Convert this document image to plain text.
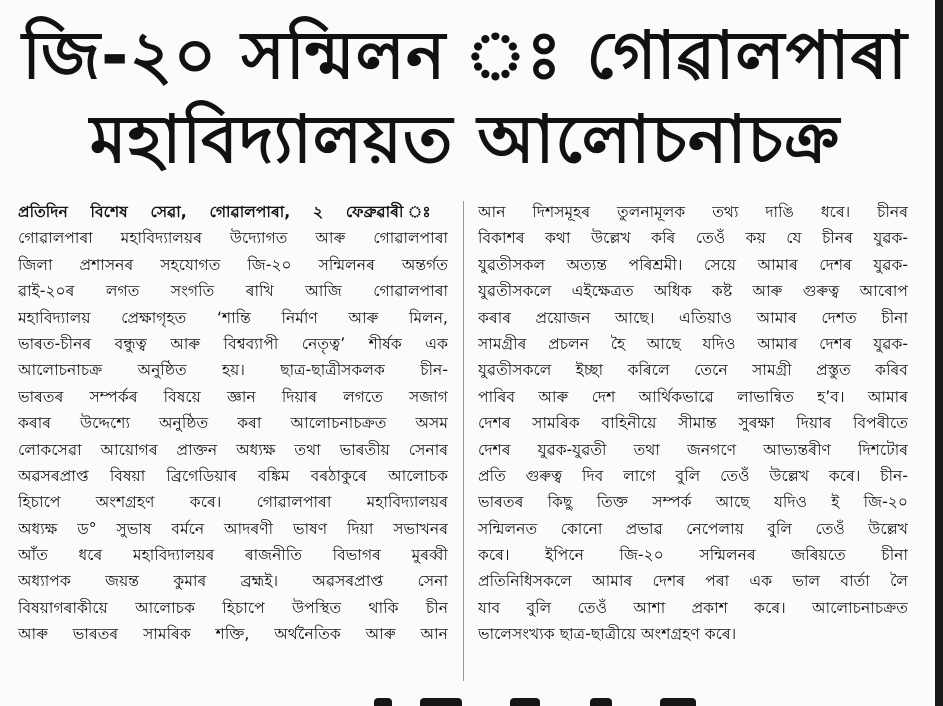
জি-২০ সন্মিলন ঃ গোৱালপাৰা
মহাবিদ্যালয়ত আলোচনাচক্ৰ
প্ৰতিদিন বিশেষ সেৱা, গোৱালপাৰা, ২ ফেব্ৰুৱাৰী ঃ
গোৱালপাৰা মহাবিদ্যালয়ৰ উদ্যোগত আৰু গোৱালপাৰা
জিলা প্ৰশাসনৰ সহযোগত জি-২০ সন্মিলনৰ অন্তৰ্গত
ৱাই-২০ৰ লগত সংগতি ৰাখি আজি গোৱালপাৰা
মহাবিদ্যালয় প্ৰেক্ষাগৃহত ‘শান্তি নিৰ্মাণ আৰু মিলন,
ভাৰত-চীনৰ বন্ধুত্ব আৰু বিশ্বব্যাপী নেতৃত্ব’ শীৰ্ষক এক
আলোচনাচক্ৰ অনুষ্ঠিত হয়। ছাত্ৰ-ছাত্ৰীসকলক চীন-
ভাৰতৰ সম্পৰ্কৰ বিষয়ে জ্ঞান দিয়াৰ লগতে সজাগ
কৰাৰ উদ্দেশ্যে অনুষ্ঠিত কৰা আলোচনাচক্ৰত অসম
লোকসেৱা আয়োগৰ প্ৰাক্তন অধ্যক্ষ তথা ভাৰতীয় সেনাৰ
অৱসৰপ্ৰাপ্ত বিষয়া ব্ৰিগেডিয়াৰ বঙ্কিম বৰঠাকুৰে আলোচক
হিচাপে অংশগ্ৰহণ কৰে। গোৱালপাৰা মহাবিদ্যালয়ৰ
অধ্যক্ষ ড° সুভাষ বৰ্মনে আদৰণী ভাষণ দিয়া সভাখনৰ
আঁত ধৰে মহাবিদ্যালয়ৰ ৰাজনীতি বিভাগৰ মুৰব্বী
অধ্যাপক জয়ন্ত কুমাৰ ব্ৰহ্মই। অৱসৰপ্ৰাপ্ত সেনা
বিষয়াগৰাকীয়ে আলোচক হিচাপে উপস্থিত থাকি চীন
আৰু ভাৰতৰ সামৰিক শক্তি, অৰ্থনৈতিক আৰু আন
আন দিশসমূহৰ তুলনামূলক তথ্য দাঙি ধৰে। চীনৰ
বিকাশৰ কথা উল্লেখ কৰি তেওঁ কয় যে চীনৰ যুৱক-
যুৱতীসকল অত্যন্ত পৰিশ্ৰমী। সেয়ে আমাৰ দেশৰ যুৱক-
যুৱতীসকলে এইক্ষেত্ৰত অধিক কষ্ট আৰু গুৰুত্ব আৰোপ
কৰাৰ প্ৰয়োজন আছে। এতিয়াও আমাৰ দেশত চীনা
সামগ্ৰীৰ প্ৰচলন হৈ আছে যদিও আমাৰ দেশৰ যুৱক-
যুৱতীসকলে ইচ্ছা কৰিলে তেনে সামগ্ৰী প্ৰস্তুত কৰিব
পাৰিব আৰু দেশ আৰ্থিকভাৱে লাভান্বিত হ’ব। আমাৰ
দেশৰ সামৰিক বাহিনীয়ে সীমান্ত সুৰক্ষা দিয়াৰ বিপৰীতে
দেশৰ যুৱক-যুৱতী তথা জনগণে আভ্যন্তৰীণ দিশটোৰ
প্ৰতি গুৰুত্ব দিব লাগে বুলি তেওঁ উল্লেখ কৰে। চীন-
ভাৰতৰ কিছু তিক্ত সম্পৰ্ক আছে যদিও ই জি-২০
সন্মিলনত কোনো প্ৰভাৱ নেপেলায় বুলি তেওঁ উল্লেখ
কৰে। ইপিনে জি-২০ সন্মিলনৰ জৰিয়তে চীনা
প্ৰতিনিধিসকলে আমাৰ দেশৰ পৰা এক ভাল বাৰ্তা লৈ
যাব বুলি তেওঁ আশা প্ৰকাশ কৰে। আলোচনাচক্ৰত
ভালেসংখ্যক ছাত্ৰ-ছাত্ৰীয়ে অংশগ্ৰহণ কৰে।
